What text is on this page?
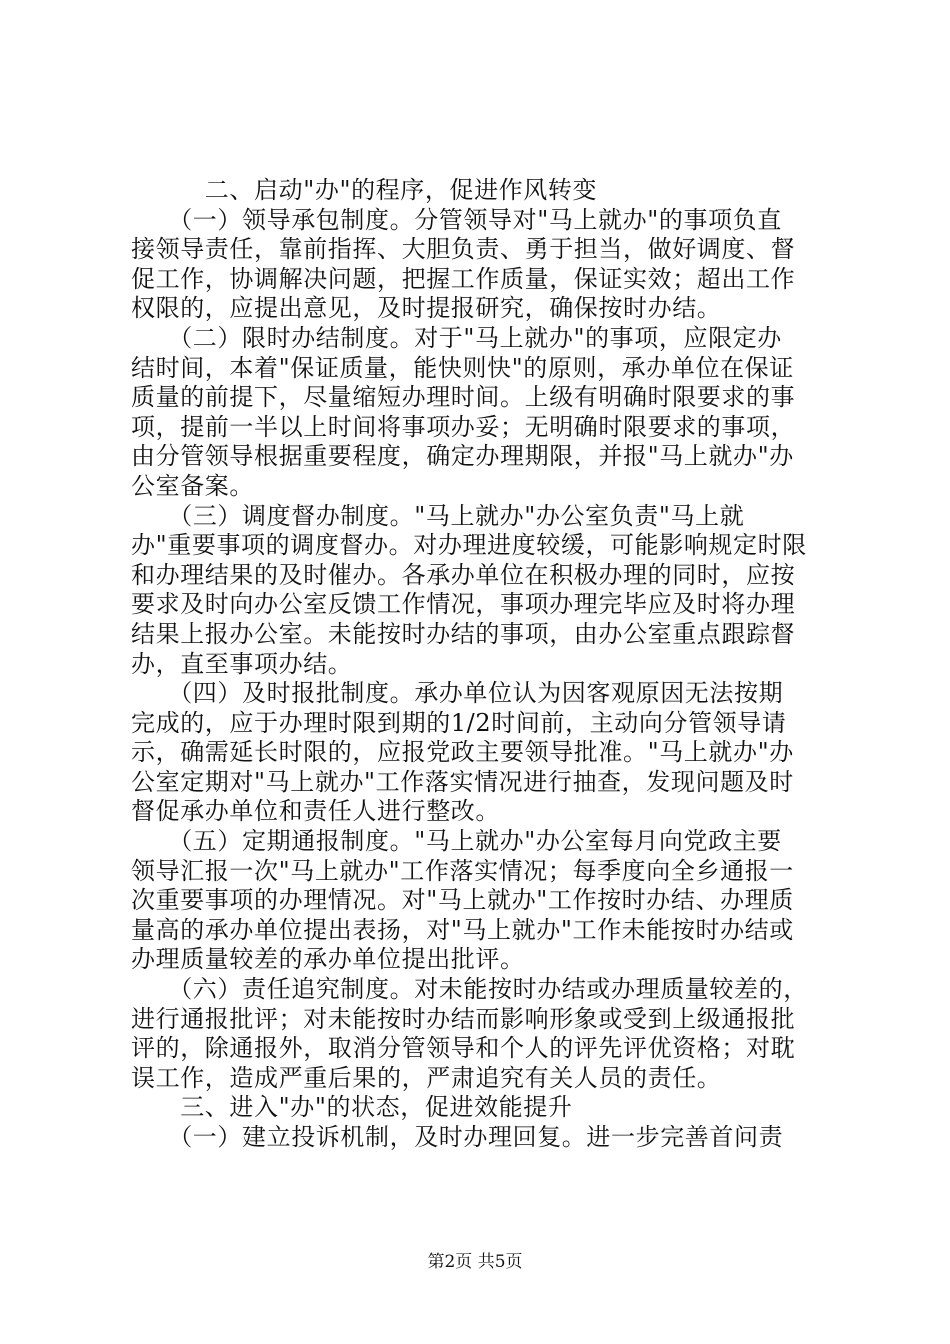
　　　二、启动"办"的程序，促进作风转变
　　（一）领导承包制度。分管领导对"马上就办"的事项负直
接领导责任，靠前指挥、大胆负责、勇于担当，做好调度、督
促工作，协调解决问题，把握工作质量，保证实效；超出工作
权限的，应提出意见，及时提报研究，确保按时办结。
　　（二）限时办结制度。对于"马上就办"的事项，应限定办
结时间，本着"保证质量，能快则快"的原则，承办单位在保证
质量的前提下，尽量缩短办理时间。上级有明确时限要求的事
项，提前一半以上时间将事项办妥；无明确时限要求的事项，
由分管领导根据重要程度，确定办理期限，并报"马上就办"办
公室备案。
　　（三）调度督办制度。"马上就办"办公室负责"马上就
办"重要事项的调度督办。对办理进度较缓，可能影响规定时限
和办理结果的及时催办。各承办单位在积极办理的同时，应按
要求及时向办公室反馈工作情况，事项办理完毕应及时将办理
结果上报办公室。未能按时办结的事项，由办公室重点跟踪督
办，直至事项办结。
　　（四）及时报批制度。承办单位认为因客观原因无法按期
完成的，应于办理时限到期的1/2时间前，主动向分管领导请
示，确需延长时限的，应报党政主要领导批准。"马上就办"办
公室定期对"马上就办"工作落实情况进行抽查，发现问题及时
督促承办单位和责任人进行整改。
　　（五）定期通报制度。"马上就办"办公室每月向党政主要
领导汇报一次"马上就办"工作落实情况；每季度向全乡通报一
次重要事项的办理情况。对"马上就办"工作按时办结、办理质
量高的承办单位提出表扬，对"马上就办"工作未能按时办结或
办理质量较差的承办单位提出批评。
　　（六）责任追究制度。对未能按时办结或办理质量较差的，
进行通报批评；对未能按时办结而影响形象或受到上级通报批
评的，除通报外，取消分管领导和个人的评先评优资格；对耽
误工作，造成严重后果的，严肃追究有关人员的责任。
　　三、进入"办"的状态，促进效能提升
　　（一）建立投诉机制，及时办理回复。进一步完善首问责
第2页 共5页
